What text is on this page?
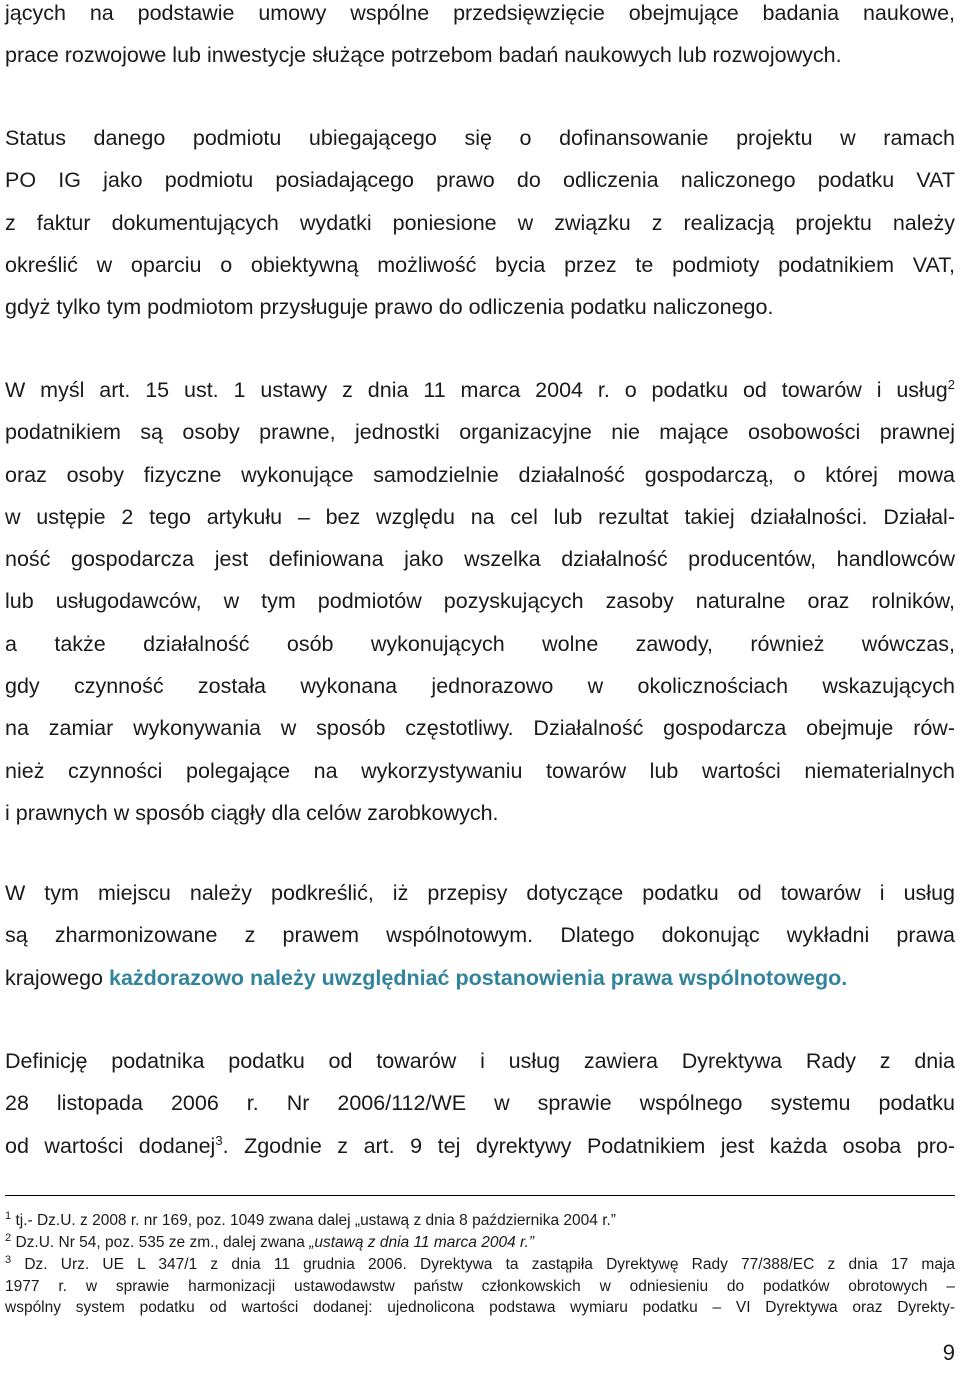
jących na podstawie umowy wspólne przedsięwzięcie obejmujące badania naukowe,

prace rozwojowe lub inwestycje służące potrzebom badań naukowych lub rozwojowych.

Status danego podmiotu ubiegającego się o dofinansowanie projektu w ramach

PO IG jako podmiotu posiadającego prawo do odliczenia naliczonego podatku VAT

z faktur dokumentujących wydatki poniesione w związku z realizacją projektu należy

określić w oparciu o obiektywną możliwość bycia przez te podmioty podatnikiem VAT,

gdyż tylko tym podmiotom przysługuje prawo do odliczenia podatku naliczonego.

W myśl art. 15 ust. 1 ustawy z dnia 11 marca 2004 r. o podatku od towarów i usług$^2$

podatnikiem są osoby prawne, jednostki organizacyjne nie mające osobowości prawnej

oraz osoby fizyczne wykonujące samodzielnie działalność gospodarczą, o której mowa

w ustępie 2 tego artykułu – bez względu na cel lub rezultat takiej działalności. Działal-

ność gospodarcza jest definiowana jako wszelka działalność producentów, handlowców

lub usługodawców, w tym podmiotów pozyskujących zasoby naturalne oraz rolników,

a także działalność osób wykonujących wolne zawody, również wówczas,

gdy czynność została wykonana jednorazowo w okolicznościach wskazujących

na zamiar wykonywania w sposób częstotliwy. Działalność gospodarcza obejmuje rów-

nież czynności polegające na wykorzystywaniu towarów lub wartości niematerialnych

i prawnych w sposób ciągły dla celów zarobkowych.

W tym miejscu należy podkreślić, iż przepisy dotyczące podatku od towarów i usług

są zharmonizowane z prawem wspólnotowym. Dlatego dokonując wykładni prawa

krajowego każdorazowo należy uwzględniać postanowienia prawa wspólnotowego.

Definicję podatnika podatku od towarów i usług zawiera Dyrektywa Rady z dnia

28 listopada 2006 r. Nr 2006/112/WE w sprawie wspólnego systemu podatku

od wartości dodanej$^3$. Zgodnie z art. 9 tej dyrektywy Podatnikiem jest każda osoba pro-

$^1$ tj.- Dz.U. z 2008 r. nr 169, poz. 1049 zwana dalej „ustawą z dnia 8 października 2004 r.”

$^2$ Dz.U. Nr 54, poz. 535 ze zm., dalej zwana „ustawą z dnia 11 marca 2004 r.”

$^3$ Dz. Urz. UE L 347/1 z dnia 11 grudnia 2006. Dyrektywa ta zastąpiła Dyrektywę Rady 77/388/EC z dnia 17 maja
1977 r. w sprawie harmonizacji ustawodawstw państw członkowskich w odniesieniu do podatków obrotowych –
wspólny system podatku od wartości dodanej: ujednolicona podstawa wymiaru podatku – VI Dyrektywa oraz Dyrekty-
9
